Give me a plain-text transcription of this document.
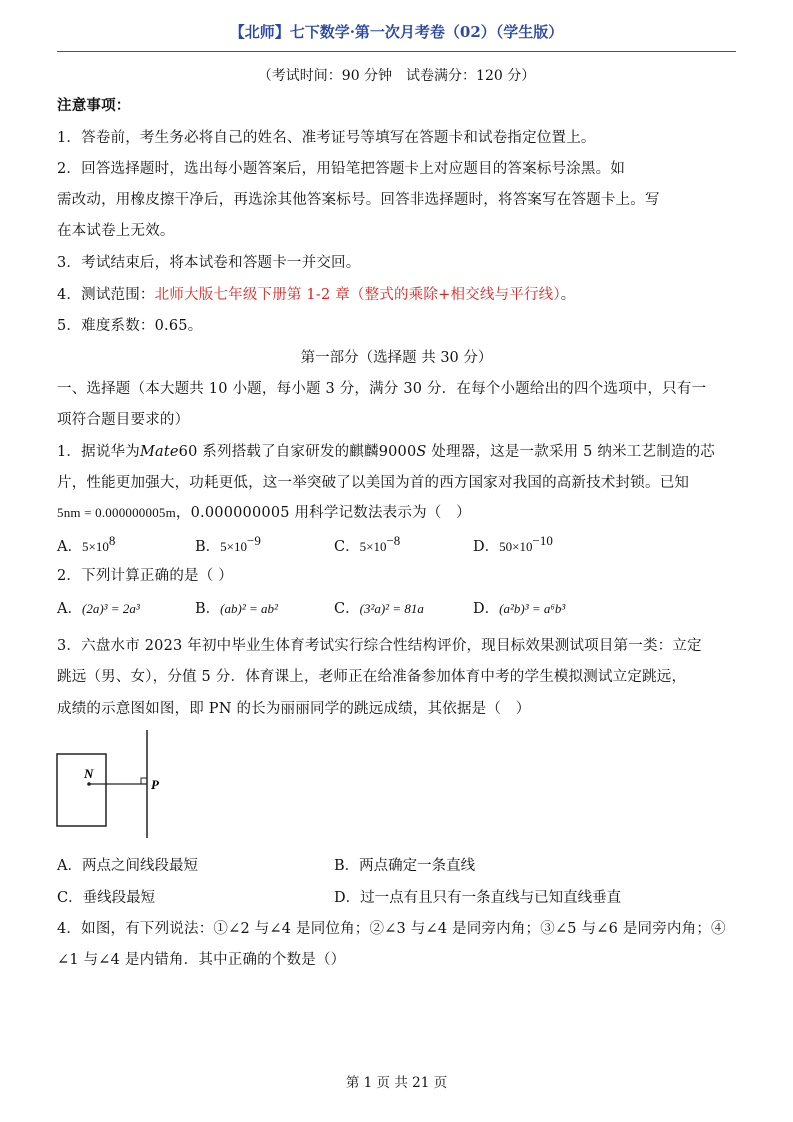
【北师】七下数学·第一次月考卷（02）（学生版）
（考试时间：90 分钟　试卷满分：120 分）
注意事项：
1．答卷前，考生务必将自己的姓名、准考证号等填写在答题卡和试卷指定位置上。
2．回答选择题时，选出每小题答案后，用铅笔把答题卡上对应题目的答案标号涂黑。如
需改动，用橡皮擦干净后，再选涂其他答案标号。回答非选择题时，将答案写在答题卡上。写
在本试卷上无效。
3．考试结束后，将本试卷和答题卡一并交回。
4．测试范围：北师大版七年级下册第 1-2 章（整式的乘除+相交线与平行线）。
5．难度系数：0.65。
第一部分（选择题 共 30 分）
一、选择题（本大题共 10 小题，每小题 3 分，满分 30 分．在每个小题给出的四个选项中，只有一
项符合题目要求的）
1．据说华为Mate60 系列搭载了自家研发的麒麟9000S 处理器，这是一款采用 5 纳米工艺制造的芯
片，性能更加强大，功耗更低，这一举突破了以美国为首的西方国家对我国的高新技术封锁。已知
5nm = 0.000000005m，0.000000005 用科学记数法表示为（　）
A．$5\times 10^8$	B．$5\times 10^{-9}$	C．$5\times 10^{-8}$	D．$50\times 10^{-10}$
2．下列计算正确的是（ ）
A．(2a)³ = 2a³	B．(ab)² = ab²	C．(3²a)² = 81a	D．(a²b)³ = a⁶b³
3．六盘水市 2023 年初中毕业生体育考试实行综合性结构评价，现目标效果测试项目第一类：立定
跳远（男、女），分值 5 分．体育课上，老师正在给准备参加体育中考的学生模拟测试立定跳远，
成绩的示意图如图，即 PN 的长为丽丽同学的跳远成绩，其依据是（　）
N
P
A．两点之间线段最短	B．两点确定一条直线
C．垂线段最短	D．过一点有且只有一条直线与已知直线垂直
4．如图，有下列说法：①∠2 与∠4 是同位角；②∠3 与∠4 是同旁内角；③∠5 与∠6 是同旁内角；④
∠1 与∠4 是内错角．其中正确的个数是（）
第 1 页 共 21 页
